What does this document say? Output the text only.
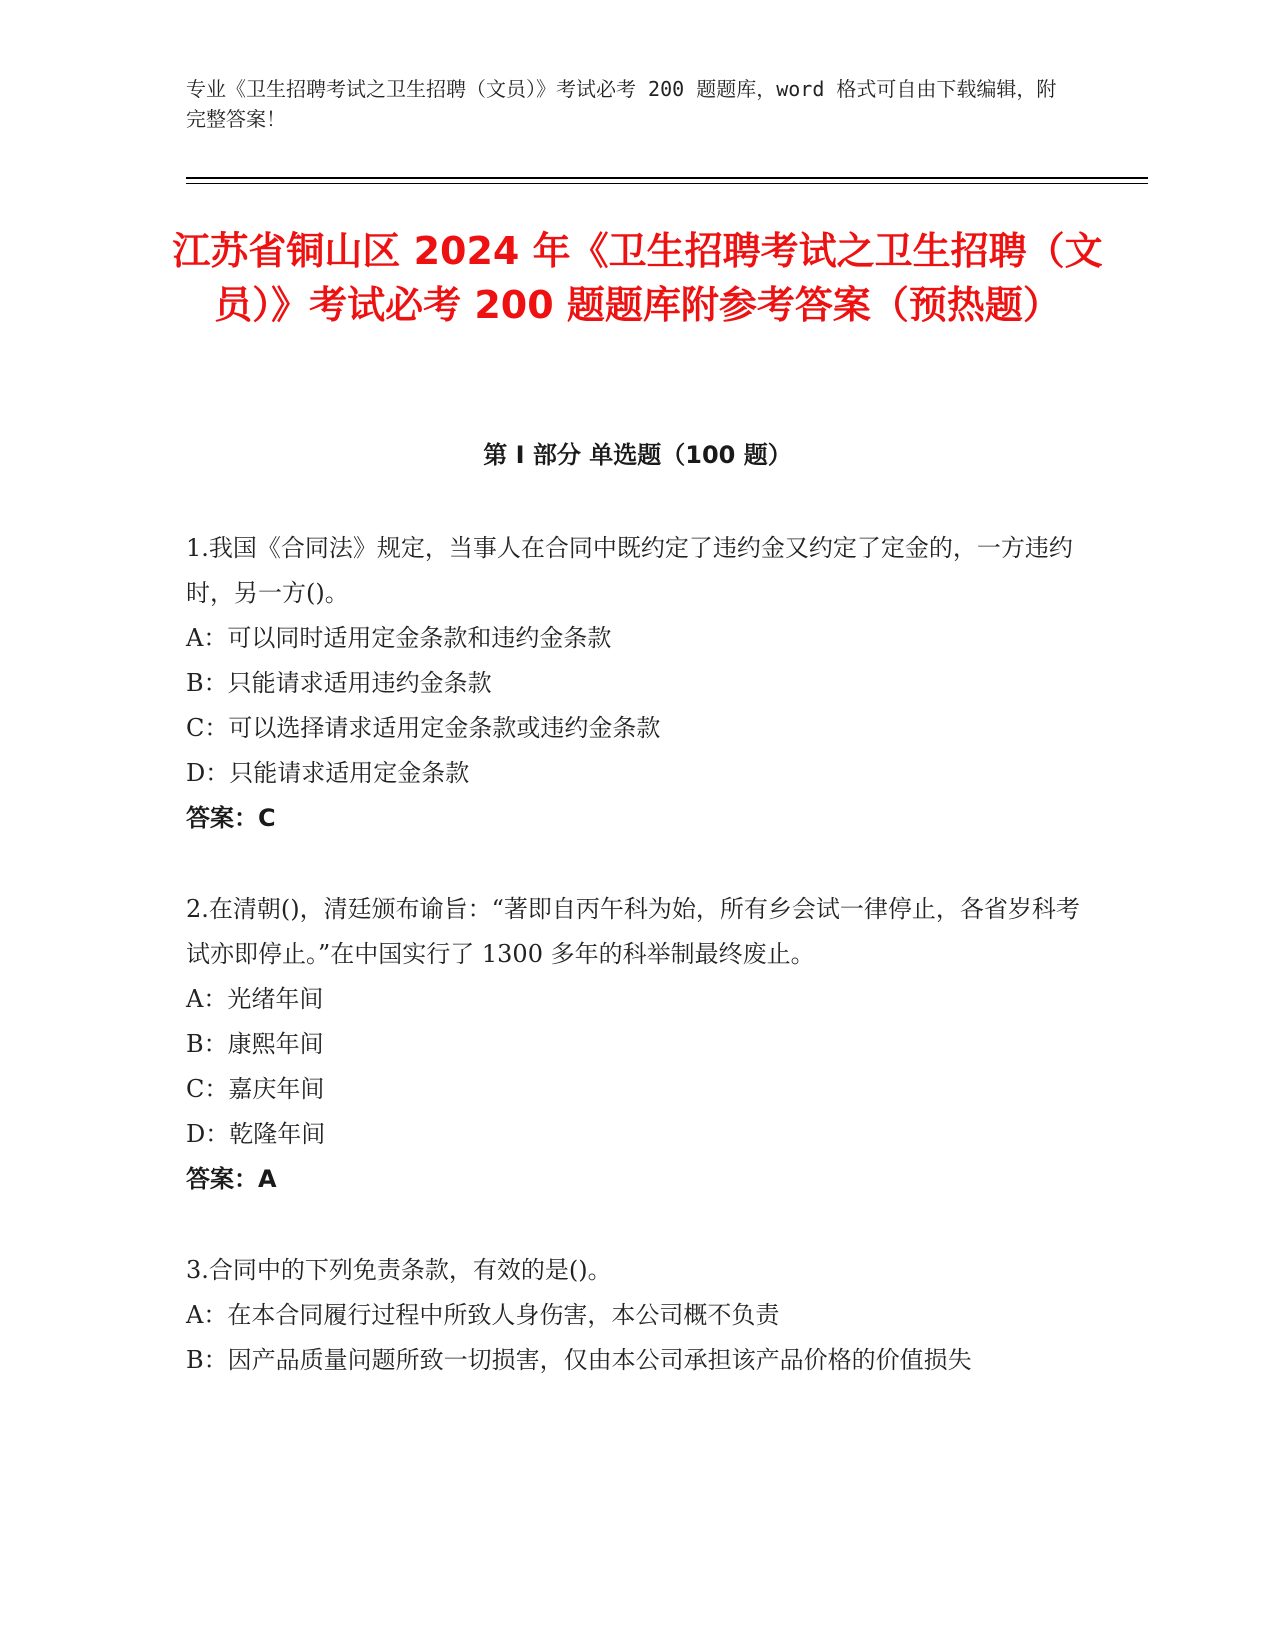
专业《卫生招聘考试之卫生招聘（文员）》考试必考 200 题题库，word 格式可自由下载编辑，附完整答案！

江苏省铜山区 2024 年《卫生招聘考试之卫生招聘（文员）》考试必考 200 题题库附参考答案（预热题）
第 I 部分 单选题（100 题）

1.我国《合同法》规定，当事人在合同中既约定了违约金又约定了定金的，一方违约时，另一方()。

A：可以同时适用定金条款和违约金条款

B：只能请求适用违约金条款

C：可以选择请求适用定金条款或违约金条款

D：只能请求适用定金条款

答案：C

2.在清朝()，清廷颁布谕旨：“著即自丙午科为始，所有乡会试一律停止，各省岁科考试亦即停止。”在中国实行了 1300 多年的科举制最终废止。

A：光绪年间

B：康熙年间

C：嘉庆年间

D：乾隆年间

答案：A

3.合同中的下列免责条款，有效的是()。

A：在本合同履行过程中所致人身伤害，本公司概不负责

B：因产品质量问题所致一切损害，仅由本公司承担该产品价格的价值损失
